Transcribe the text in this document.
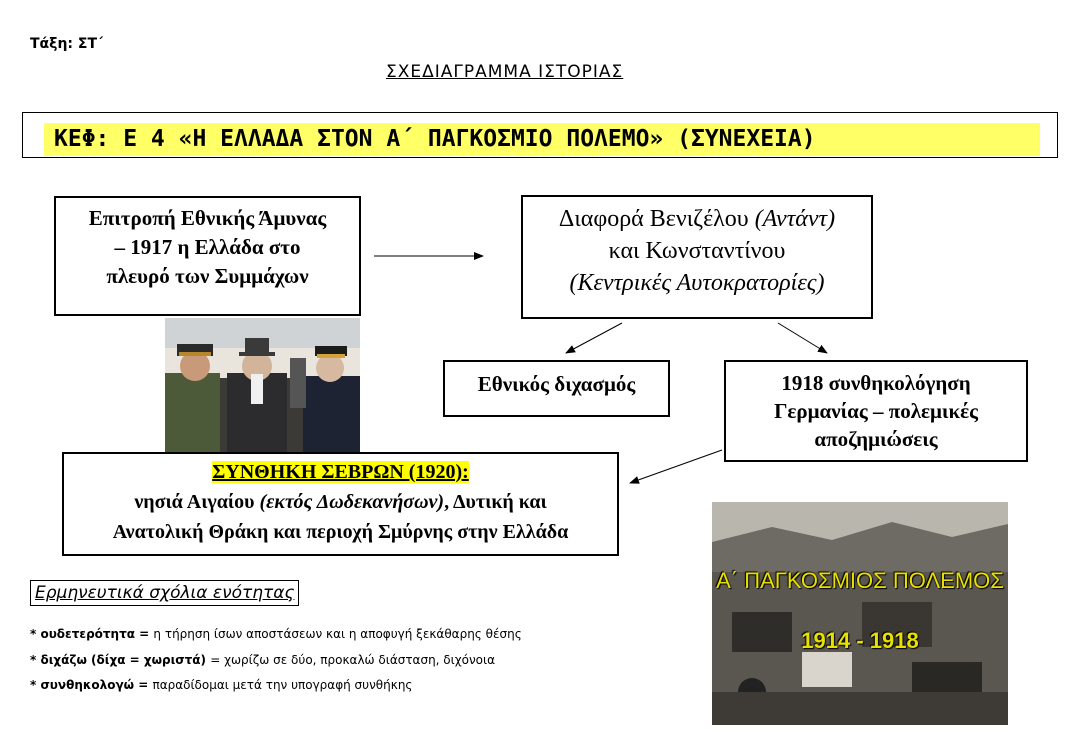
Τάξη: ΣΤ΄
ΣΧΕΔΙΑΓΡΑΜΜΑ ΙΣΤΟΡΙΑΣ
ΚΕΦ: Ε 4 «Η ΕΛΛΑΔΑ ΣΤΟΝ Α΄ ΠΑΓΚΟΣΜΙΟ ΠΟΛΕΜΟ» (ΣΥΝΕΧΕΙΑ)
Επιτροπή Εθνικής Άμυνας
– 1917 η Ελλάδα στο
πλευρό των Συμμάχων
Διαφορά Βενιζέλου (Αντάντ)
και Κωνσταντίνου
(Κεντρικές Αυτοκρατορίες)
Εθνικός διχασμός	1918 συνθηκολόγηση
Γερμανίας – πολεμικές
αποζημιώσεις
ΣΥΝΘΗΚΗ ΣΕΒΡΩΝ (1920):
νησιά Αιγαίου (εκτός Δωδεκανήσων), Δυτική και
Ανατολική Θράκη και περιοχή Σμύρνης στην Ελλάδα
Α΄ ΠΑΓΚΟΣΜΙΟΣ ΠΟΛΕΜΟΣ
1914 - 1918
Ερμηνευτικά σχόλια ενότητας
* ουδετερότητα = η τήρηση ίσων αποστάσεων και η αποφυγή ξεκάθαρης θέσης
* διχάζω (δίχα = χωριστά) = χωρίζω σε δύο, προκαλώ διάσταση, διχόνοια
* συνθηκολογώ = παραδίδομαι μετά την υπογραφή συνθήκης
